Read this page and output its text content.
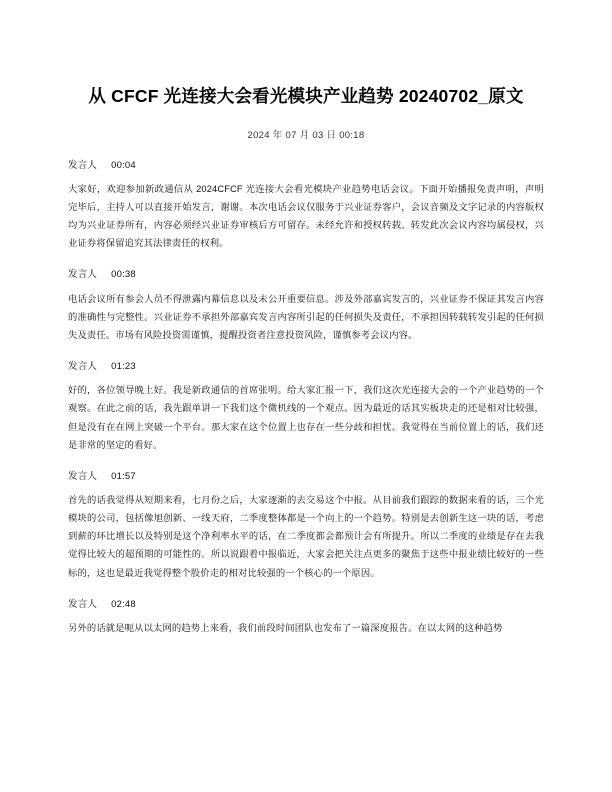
从 CFCF 光连接大会看光模块产业趋势 20240702_原文
2024 年 07 月 03 日 00:18
发言人 00:04

大家好，欢迎参加新政通信从 2024CFCF 光连接大会看光模块产业趋势电话会议。下面开始播报免责声明，声明完毕后，主持人可以直接开始发言，谢谢。本次电话会议仅服务于兴业证券客户，会议音频及文字记录的内容版权均为兴业证券所有，内容必须经兴业证券审核后方可留存。未经允许和授权转载、转发此次会议内容均属侵权，兴业证券将保留追究其法律责任的权利。

发言人 00:38

电话会议所有参会人员不得泄露内幕信息以及未公开重要信息。涉及外部嘉宾发言的，兴业证券不保证其发言内容的准确性与完整性。兴业证券不承担外部嘉宾发言内容所引起的任何损失及责任，不承担因转载转发引起的任何损失及责任。市场有风险投资需谨慎，提醒投资者注意投资风险，谨慎参考会议内容。

发言人 01:23

好的，各位领导晚上好。我是新政通信的首席张明。给大家汇报一下，我们这次光连接大会的一个产业趋势的一个观察。在此之前的话，我先跟单讲一下我们这个微机线的一个观点。因为最近的话其实板块走的还是相对比较强，但是没有在在网上突破一个平台。那大家在这个位置上也存在一些分歧和担忧。我觉得在当前位置上的话，我们还是非常的坚定的看好。

发言人 01:57

首先的话我觉得从短期来看，七月份之后，大家逐渐的去交易这个中报。从目前我们跟踪的数据来看的话，三个光模块的公司，包括像旭创新、一线天府，二季度整体都是一个向上的一个趋势。特别是去创新生这一块的话，考虑到薪的环比增长以及特别是这个净利率水平的话，在二季度都会都预计会有所提升。所以二季度的业绩是存在去我觉得比较大的超预期的可能性的。所以说跟着中报临近，大家会把关注点更多的聚焦于这些中报业绩比较好的一些标的，这也是最近我觉得整个股价走的相对比较强的一个核心的一个原因。

发言人 02:48

另外的话就是呃从以太网的趋势上来看，我们前段时间团队也发布了一篇深度报告。在以太网的这种趋势
